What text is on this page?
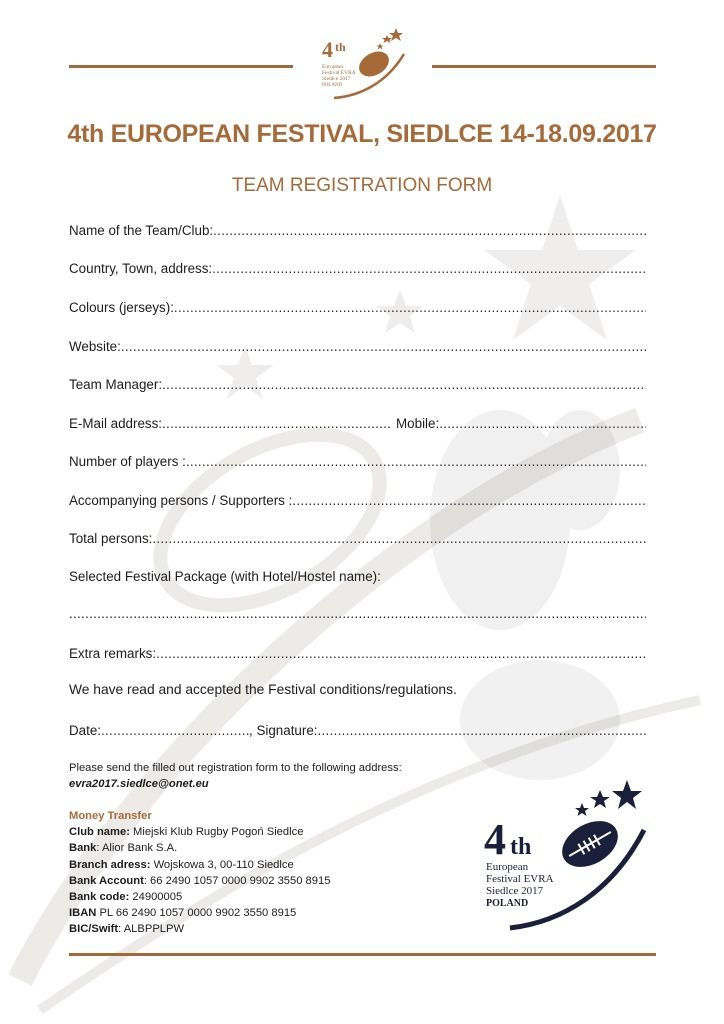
4 th
European
Festival EVRA
Siedlce 2017
POLAND
4th EUROPEAN FESTIVAL, SIEDLCE 14-18.09.2017
TEAM REGISTRATION FORM
Name of the Team/Club:
.....
Country, Town, address:
.....
Colours (jerseys):
.....
Website:
.....
Team Manager:
.....
E-Mail address: .....	Mobile:
.....
Number of players :
.....
Accompanying persons / Supporters :
.....
Total persons:
.....
Selected Festival Package (with Hotel/Hostel name):
.....
Extra remarks:
.....
We have read and accepted the Festival conditions/regulations.
Date: .....	, Signature:
.....
Please send the filled out registration form to the following address:
evra2017.siedlce@onet.eu
Money Transfer
Club name: Miejski Klub Rugby Pogoń Siedlce
Bank: Alior Bank S.A.
Branch adress: Wojskowa 3, 00-110 Siedlce
Bank Account: 66 2490 1057 0000 9902 3550 8915
Bank code: 24900005
IBAN PL 66 2490 1057 0000 9902 3550 8915
BIC/Swift: ALBPPLPW
4 th
European
Festival EVRA
Siedlce 2017
POLAND
